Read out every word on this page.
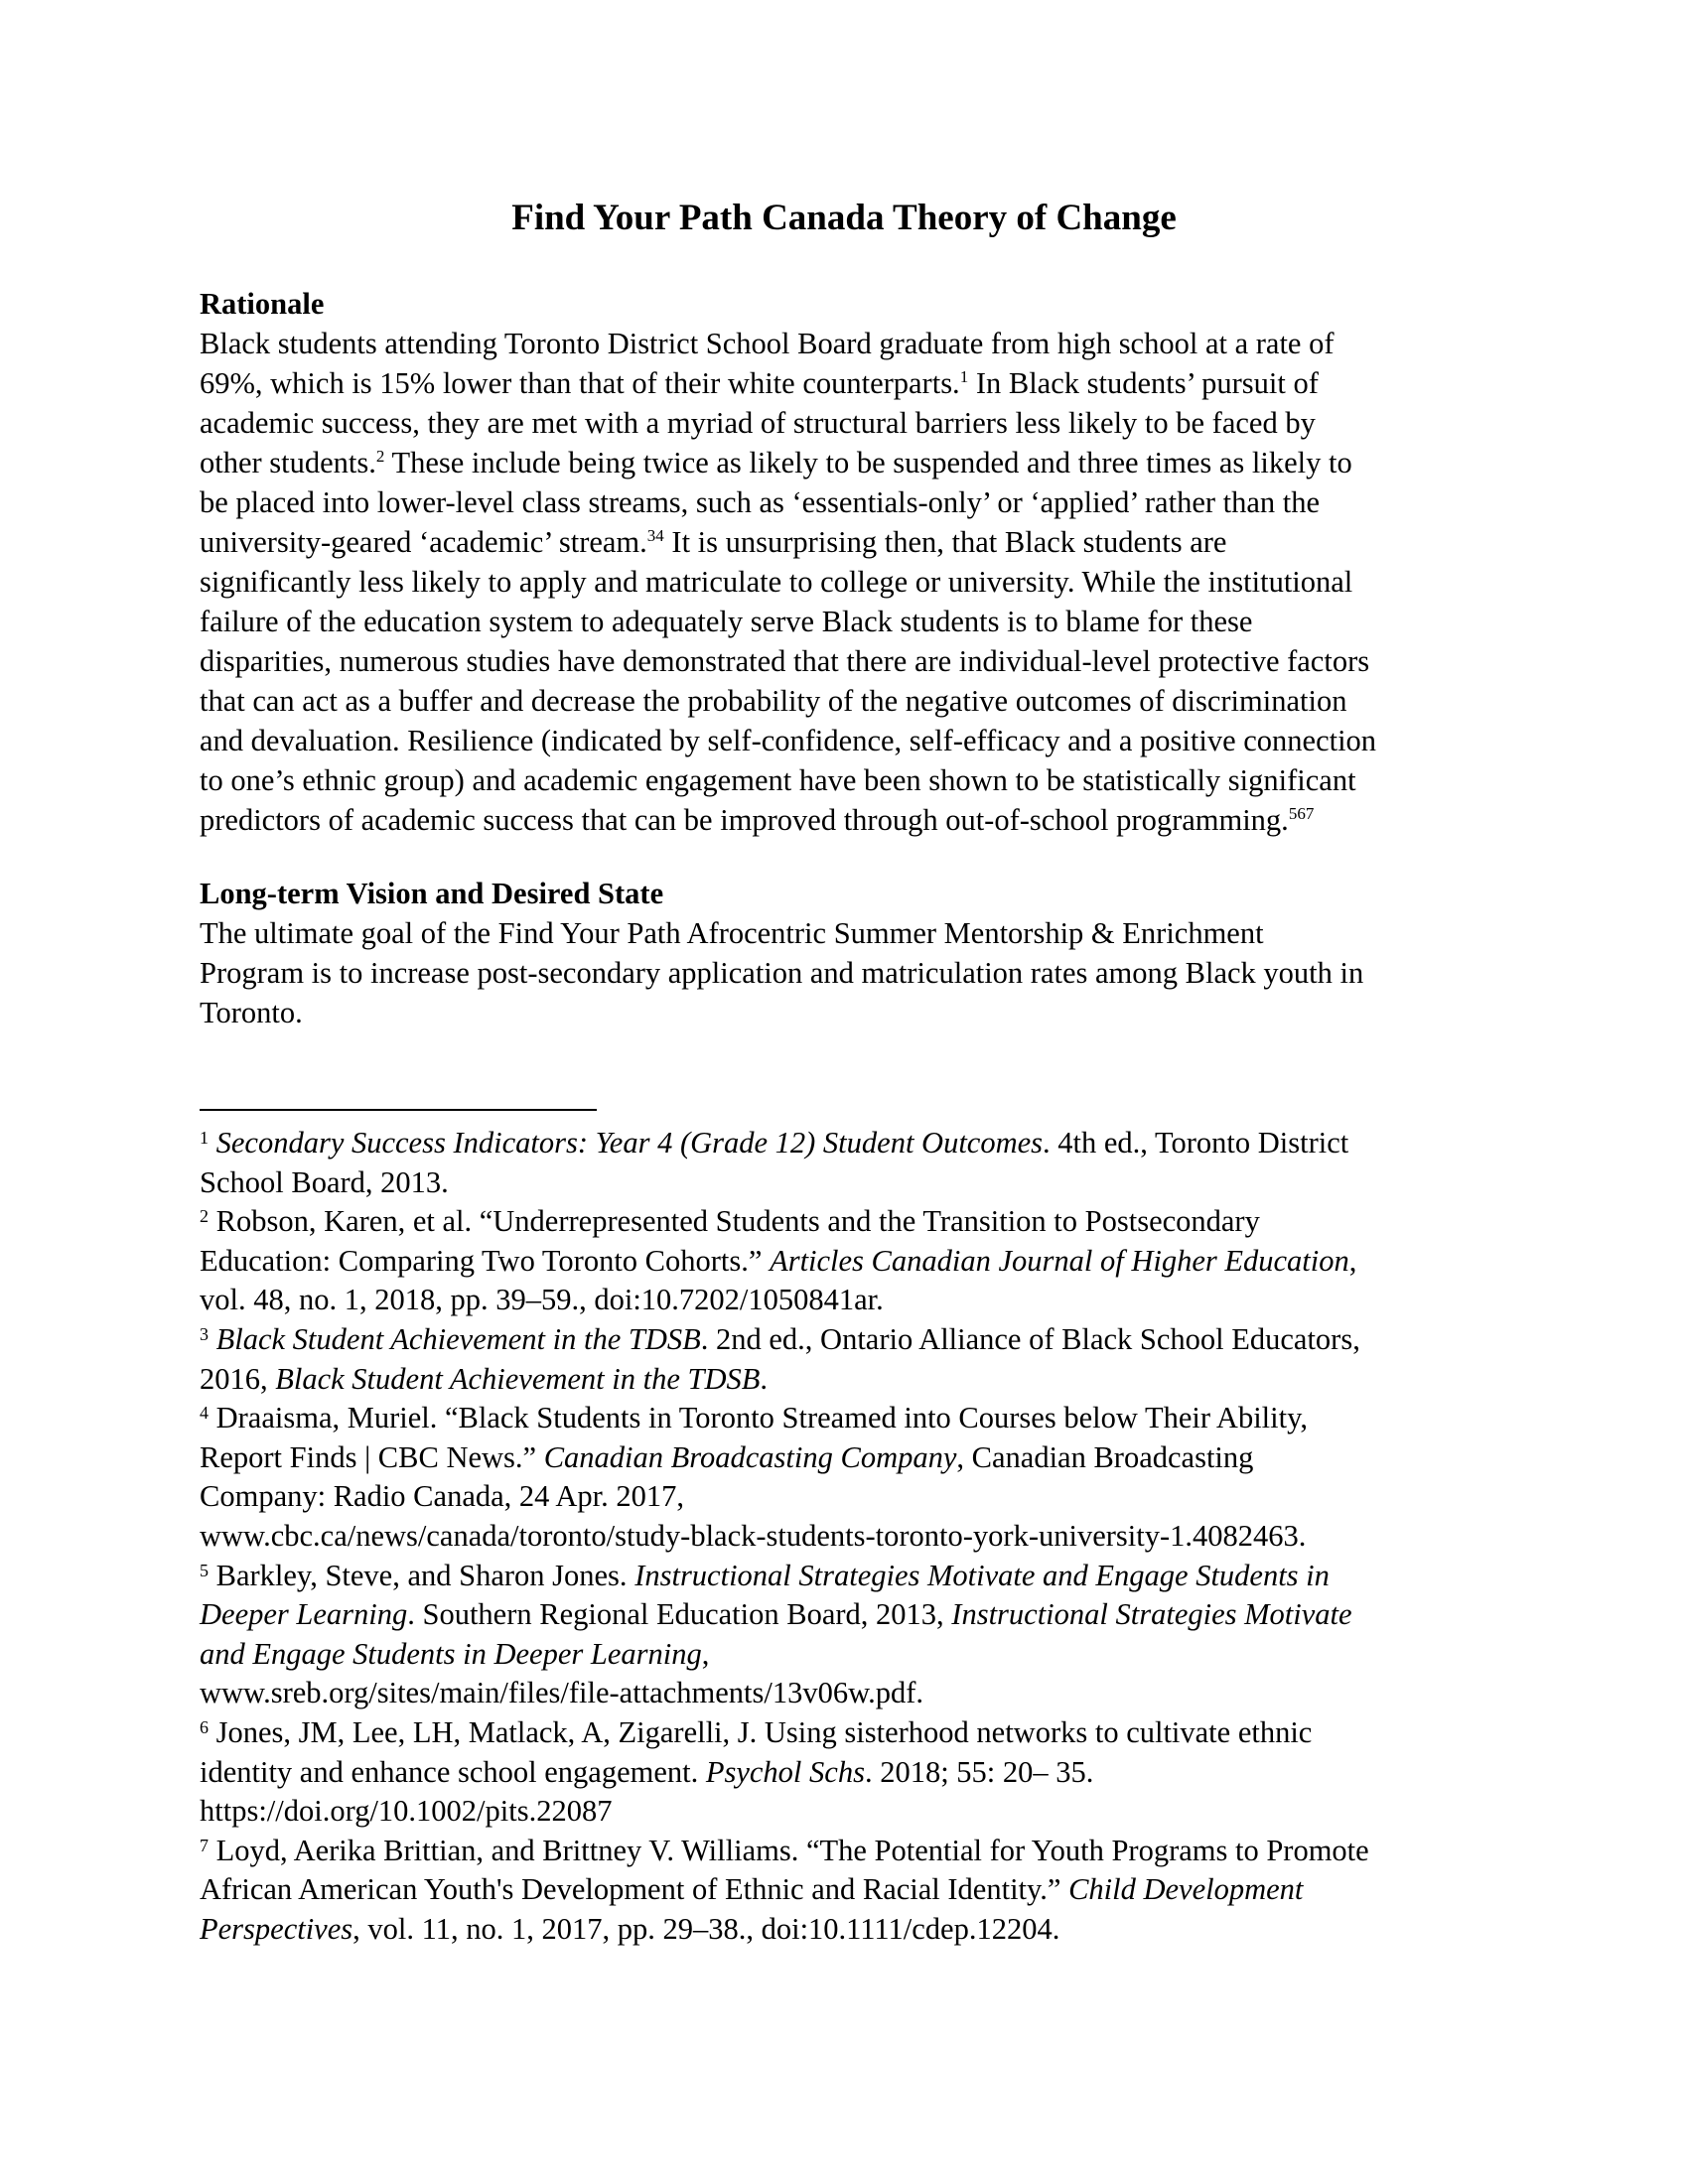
Find Your Path Canada Theory of Change
Rationale
Black students attending Toronto District School Board graduate from high school at a rate of
69%, which is 15% lower than that of their white counterparts.$^1$ In Black students’ pursuit of
academic success, they are met with a myriad of structural barriers less likely to be faced by
other students.$^2$ These include being twice as likely to be suspended and three times as likely to
be placed into lower-level class streams, such as ‘essentials-only’ or ‘applied’ rather than the
university-geared ‘academic’ stream.$^{34}$ It is unsurprising then, that Black students are
significantly less likely to apply and matriculate to college or university. While the institutional
failure of the education system to adequately serve Black students is to blame for these
disparities, numerous studies have demonstrated that there are individual-level protective factors
that can act as a buffer and decrease the probability of the negative outcomes of discrimination
and devaluation. Resilience (indicated by self-confidence, self-efficacy and a positive connection
to one’s ethnic group) and academic engagement have been shown to be statistically significant
predictors of academic success that can be improved through out-of-school programming.$^{567}$
Long-term Vision and Desired State
The ultimate goal of the Find Your Path Afrocentric Summer Mentorship & Enrichment
Program is to increase post-secondary application and matriculation rates among Black youth in
Toronto.
$^1$ Secondary Success Indicators: Year 4 (Grade 12) Student Outcomes. 4th ed., Toronto District
School Board, 2013.
$^2$ Robson, Karen, et al. “Underrepresented Students and the Transition to Postsecondary
Education: Comparing Two Toronto Cohorts.” Articles Canadian Journal of Higher Education,
vol. 48, no. 1, 2018, pp. 39–59., doi:10.7202/1050841ar.
$^3$ Black Student Achievement in the TDSB. 2nd ed., Ontario Alliance of Black School Educators,
2016, Black Student Achievement in the TDSB.
$^4$ Draaisma, Muriel. “Black Students in Toronto Streamed into Courses below Their Ability,
Report Finds | CBC News.” Canadian Broadcasting Company, Canadian Broadcasting
Company: Radio Canada, 24 Apr. 2017,
www.cbc.ca/news/canada/toronto/study-black-students-toronto-york-university-1.4082463.
$^5$ Barkley, Steve, and Sharon Jones. Instructional Strategies Motivate and Engage Students in
Deeper Learning. Southern Regional Education Board, 2013, Instructional Strategies Motivate
and Engage Students in Deeper Learning,
www.sreb.org/sites/main/files/file-attachments/13v06w.pdf.
$^6$ Jones, JM, Lee, LH, Matlack, A, Zigarelli, J. Using sisterhood networks to cultivate ethnic
identity and enhance school engagement. Psychol Schs. 2018; 55: 20– 35.
https://doi.org/10.1002/pits.22087
$^7$ Loyd, Aerika Brittian, and Brittney V. Williams. “The Potential for Youth Programs to Promote
African American Youth's Development of Ethnic and Racial Identity.” Child Development
Perspectives, vol. 11, no. 1, 2017, pp. 29–38., doi:10.1111/cdep.12204.
